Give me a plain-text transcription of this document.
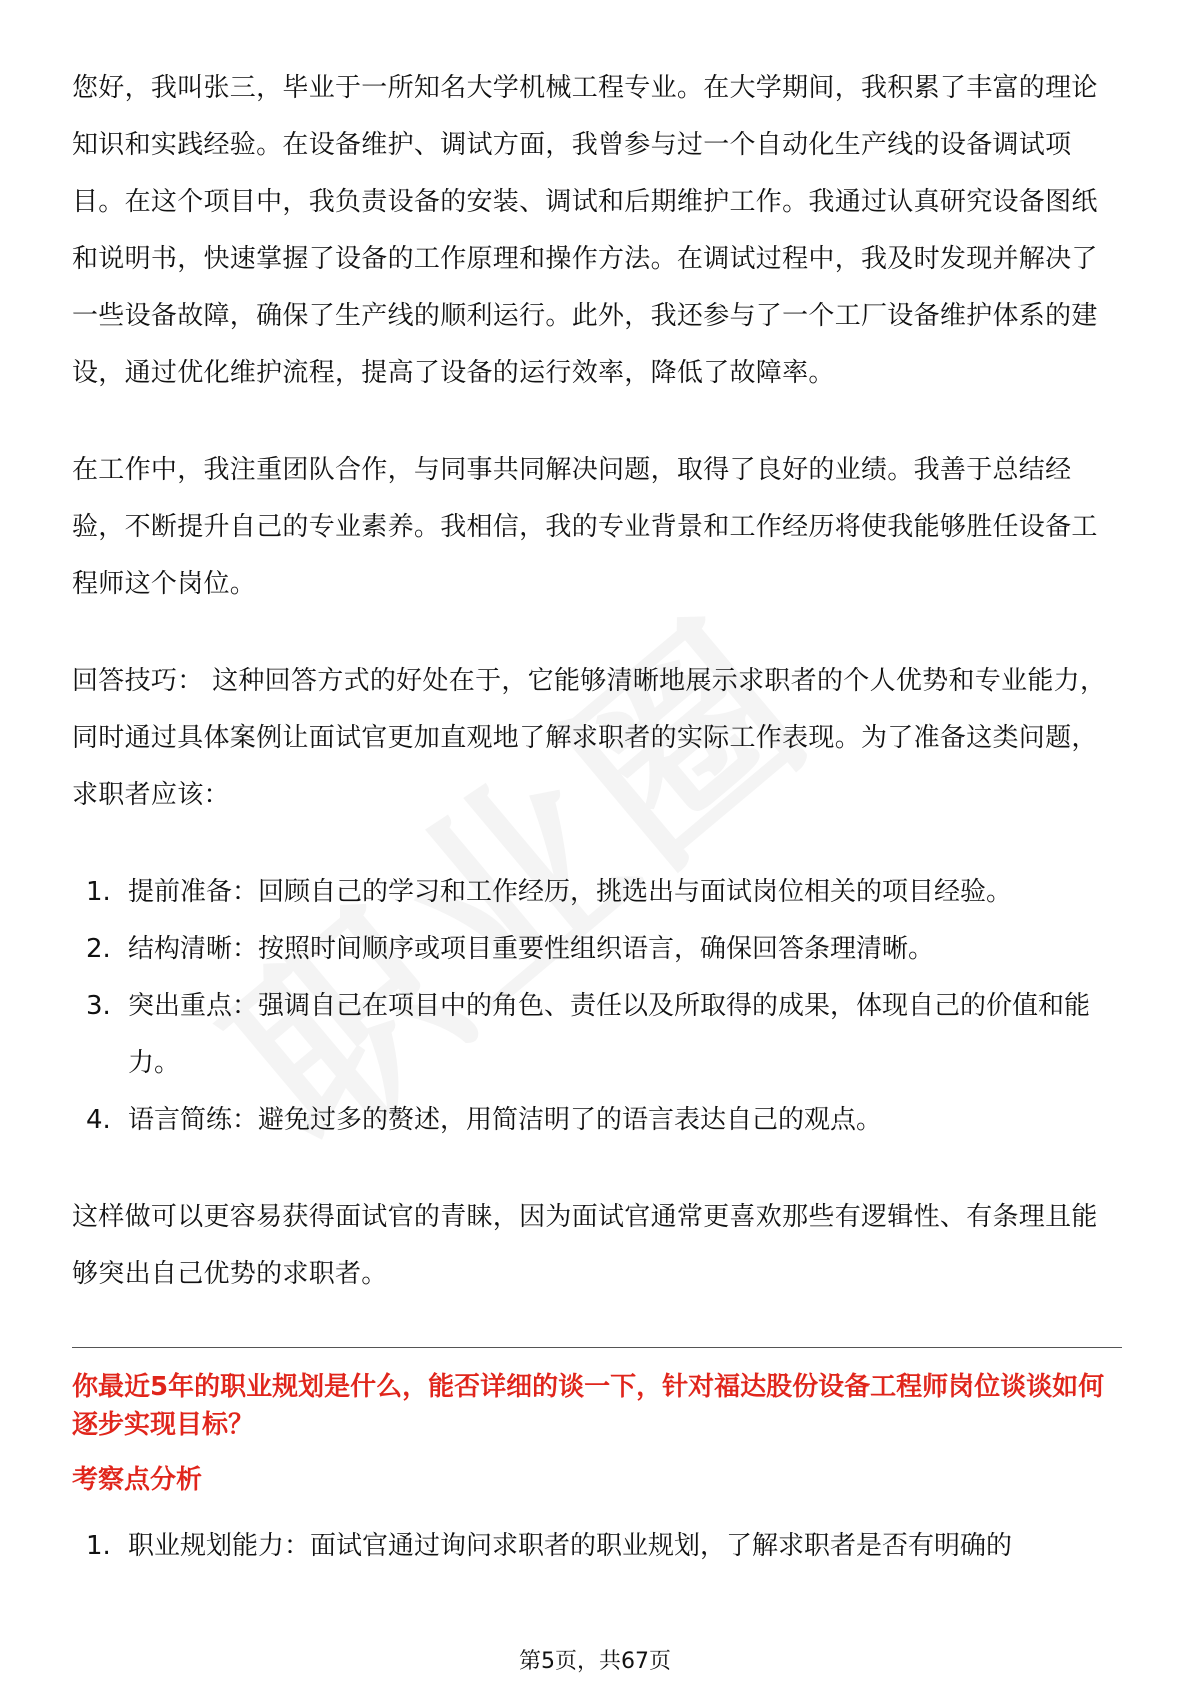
您好，我叫张三，毕业于一所知名大学机械工程专业。在大学期间，我积累了丰富的理论知识和实践经验。在设备维护、调试方面，我曾参与过一个自动化生产线的设备调试项目。在这个项目中，我负责设备的安装、调试和后期维护工作。我通过认真研究设备图纸和说明书，快速掌握了设备的工作原理和操作方法。在调试过程中，我及时发现并解决了一些设备故障，确保了生产线的顺利运行。此外，我还参与了一个工厂设备维护体系的建设，通过优化维护流程，提高了设备的运行效率，降低了故障率。

在工作中，我注重团队合作，与同事共同解决问题，取得了良好的业绩。我善于总结经验，不断提升自己的专业素养。我相信，我的专业背景和工作经历将使我能够胜任设备工程师这个岗位。

回答技巧： 这种回答方式的好处在于，它能够清晰地展示求职者的个人优势和专业能力，同时通过具体案例让面试官更加直观地了解求职者的实际工作表现。为了准备这类问题，求职者应该：

1. 提前准备：回顾自己的学习和工作经历，挑选出与面试岗位相关的项目经验。
2. 结构清晰：按照时间顺序或项目重要性组织语言，确保回答条理清晰。
3. 突出重点：强调自己在项目中的角色、责任以及所取得的成果，体现自己的价值和能力。
4. 语言简练：避免过多的赘述，用简洁明了的语言表达自己的观点。

这样做可以更容易获得面试官的青睐，因为面试官通常更喜欢那些有逻辑性、有条理且能够突出自己优势的求职者。

你最近5年的职业规划是什么，能否详细的谈一下，针对福达股份设备工程师岗位谈谈如何逐步实现目标？

考察点分析

1. 职业规划能力：面试官通过询问求职者的职业规划，了解求职者是否有明确的
第5页，共67页
